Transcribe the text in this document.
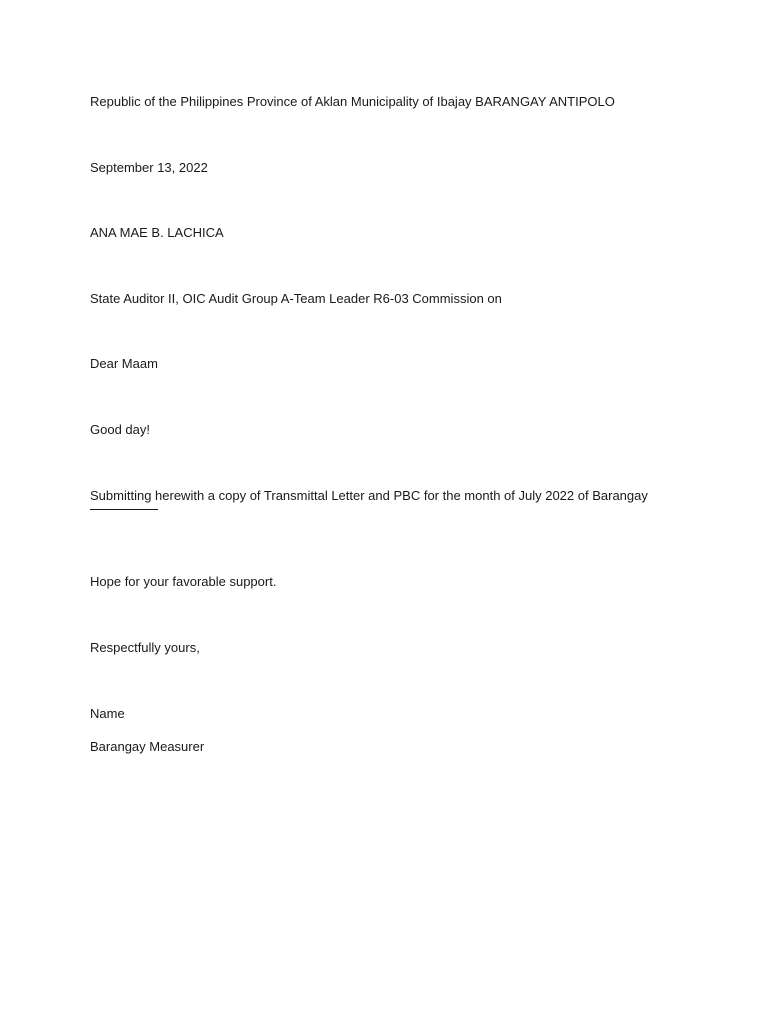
Republic of the Philippines Province of Aklan Municipality of Ibajay BARANGAY ANTIPOLO
September 13, 2022
ANA MAE B. LACHICA
State Auditor II, OIC Audit Group A-Team Leader R6-03 Commission on
Dear Maam
Good day!
Submitting herewith a copy of Transmittal Letter and PBC for the month of July 2022 of Barangay
Hope for your favorable support.
Respectfully yours,
Name
Barangay Measurer
